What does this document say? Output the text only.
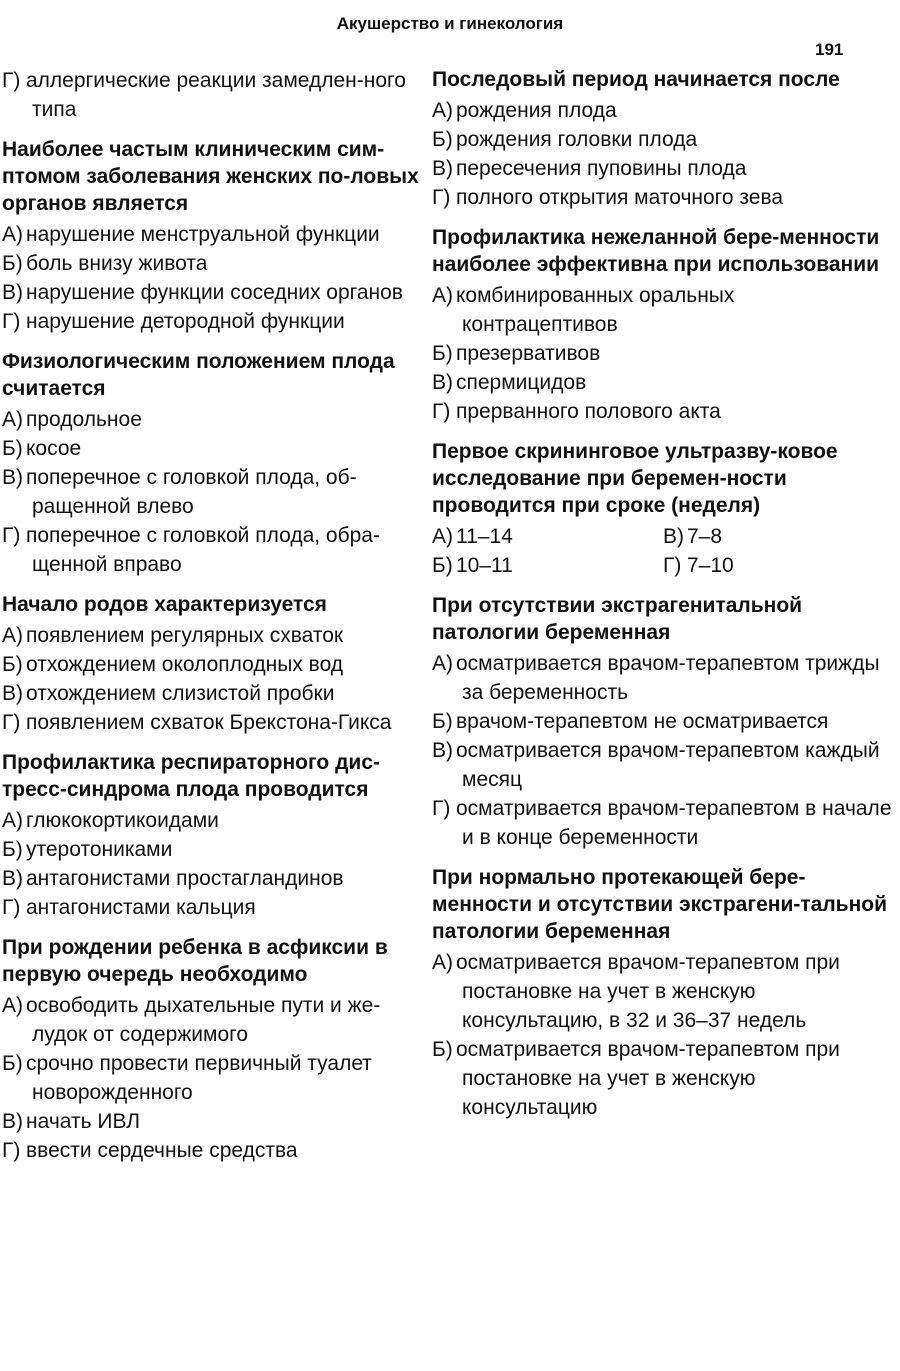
Акушерство и гинекология
191
Г) аллергические реакции замедлен-ного типа
Наиболее частым клиническим сим-птомом заболевания женских по-ловых органов является
А) нарушение менструальной функции
Б) боль внизу живота
В) нарушение функции соседних органов
Г) нарушение детородной функции
Физиологическим положением плода считается
А) продольное
Б) косое
В) поперечное с головкой плода, об-ращенной влево
Г) поперечное с головкой плода, обра-щенной вправо
Начало родов характеризуется
А) появлением регулярных схваток
Б) отхождением околоплодных вод
В) отхождением слизистой пробки
Г) появлением схваток Брекстона-Гикса
Профилактика респираторного дис-тресс-синдрома плода проводится
А) глюкокортикоидами
Б) утеротониками
В) антагонистами простагландинов
Г) антагонистами кальция
При рождении ребенка в асфиксии в первую очередь необходимо
А) освободить дыхательные пути и же-лудок от содержимого
Б) срочно провести первичный туалет новорожденного
В) начать ИВЛ
Г) ввести сердечные средства
Последовый период начинается после
А) рождения плода
Б) рождения головки плода
В) пересечения пуповины плода
Г) полного открытия маточного зева
Профилактика нежеланной бере-менности наиболее эффективна при использовании
А) комбинированных оральных контрацептивов
Б) презервативов
В) спермицидов
Г) прерванного полового акта
Первое скрининговое ультразву-ковое исследование при беремен-ности проводится при сроке (неделя)
А) 11–14	В) 7–8
Б) 10–11	Г) 7–10
При отсутствии экстрагенитальной патологии беременная
А) осматривается врачом-терапевтом трижды за беременность
Б) врачом-терапевтом не осматривается
В) осматривается врачом-терапевтом каждый месяц
Г) осматривается врачом-терапевтом в начале и в конце беременности
При нормально протекающей бере-менности и отсутствии экстрагени-тальной патологии беременная
А) осматривается врачом-терапевтом при постановке на учет в женскую консультацию, в 32 и 36–37 недель
Б) осматривается врачом-терапевтом при постановке на учет в женскую консультацию
